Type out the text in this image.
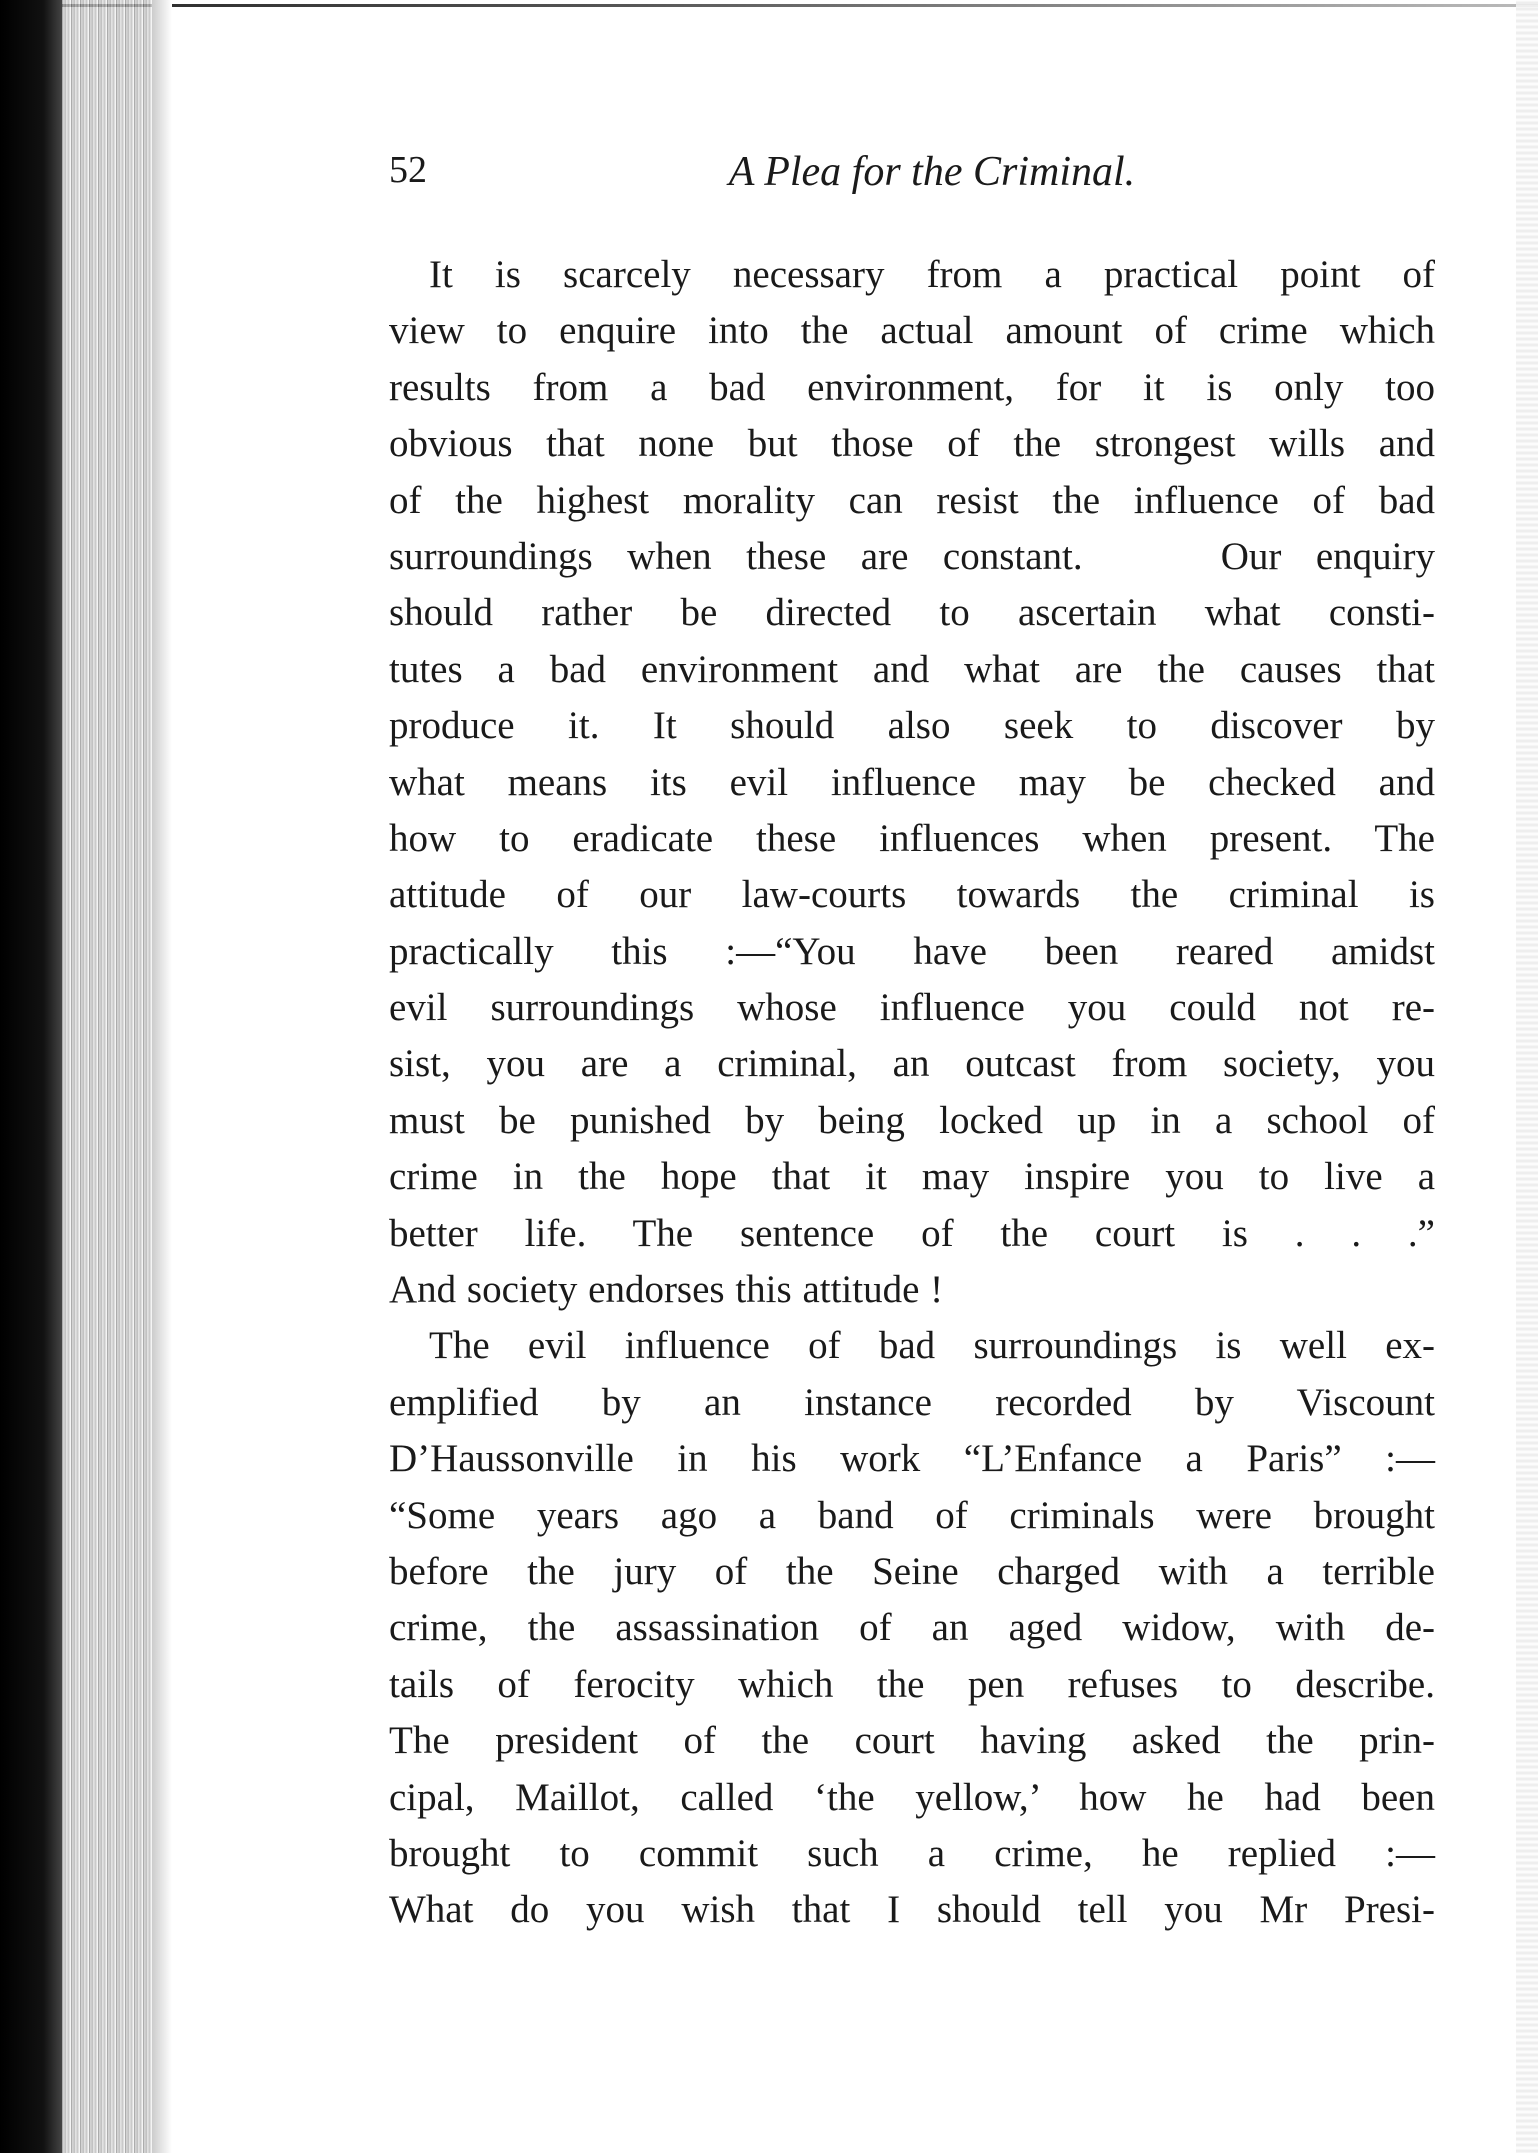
52	A Plea for the Criminal.
It is scarcely necessary from a practical point of
view to enquire into the actual amount of crime which
results from a bad environment, for it is only too
obvious that none but those of the strongest wills and
of the highest morality can resist the influence of bad
surroundings when these are constant.    Our enquiry
should rather be directed to ascertain what consti-
tutes a bad environment and what are the causes that
produce it. It should also seek to discover by
what means its evil influence may be checked and
how to eradicate these influences when present. The
attitude of our law-courts towards the criminal is
practically this :—“You have been reared amidst
evil surroundings whose influence you could not re-
sist, you are a criminal, an outcast from society, you
must be punished by being locked up in a school of
crime in the hope that it may inspire you to live a
better life. The sentence of the court is . . .”
And society endorses this attitude !
The evil influence of bad surroundings is well ex-
emplified by an instance recorded by Viscount
D’Haussonville in his work “L’Enfance a Paris” :—
“Some years ago a band of criminals were brought
before the jury of the Seine charged with a terrible
crime, the assassination of an aged widow, with de-
tails of ferocity which the pen refuses to describe.
The president of the court having asked the prin-
cipal, Maillot, called ‘the yellow,’ how he had been
brought to commit such a crime, he replied :—
What do you wish that I should tell you Mr Presi-
